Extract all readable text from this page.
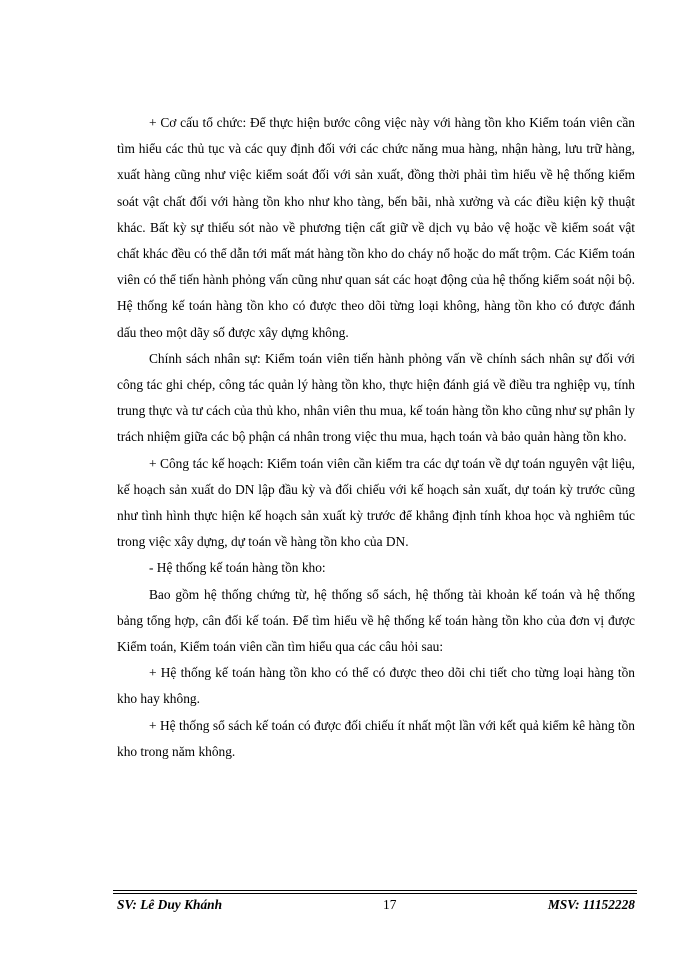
+ Cơ cấu tổ chức: Để thực hiện bước công việc này với hàng tồn kho Kiểm toán viên cần tìm hiểu các thủ tục và các quy định đối với các chức năng mua hàng, nhận hàng, lưu trữ hàng, xuất hàng cũng như việc kiểm soát đối với sản xuất, đồng thời phải tìm hiểu về hệ thống kiểm soát vật chất đối với hàng tồn kho như kho tàng, bến bãi, nhà xưởng và các điều kiện kỹ thuật khác. Bất kỳ sự thiếu sót nào về phương tiện cất giữ về dịch vụ bảo vệ hoặc về kiểm soát vật chất khác đều có thể dẫn tới mất mát hàng tồn kho do cháy nổ hoặc do mất trộm. Các Kiểm toán viên có thể tiến hành phỏng vấn cũng như quan sát các hoạt động của hệ thống kiểm soát nội bộ. Hệ thống kế toán hàng tồn kho có được theo dõi từng loại không, hàng tồn kho có được đánh dấu theo một dãy số được xây dựng không.

Chính sách nhân sự: Kiểm toán viên tiến hành phỏng vấn về chính sách nhân sự đối với công tác ghi chép, công tác quản lý hàng tồn kho, thực hiện đánh giá về điều tra nghiệp vụ, tính trung thực và tư cách của thủ kho, nhân viên thu mua, kế toán hàng tồn kho cũng như sự phân ly trách nhiệm giữa các bộ phận cá nhân trong việc thu mua, hạch toán và bảo quản hàng tồn kho.

+ Công tác kế hoạch: Kiểm toán viên cần kiểm tra các dự toán về dự toán nguyên vật liệu, kế hoạch sản xuất do DN lập đầu kỳ và đối chiếu với kế hoạch sản xuất, dự toán kỳ trước cũng như tình hình thực hiện kế hoạch sản xuất kỳ trước để khẳng định tính khoa học và nghiêm túc trong việc xây dựng, dự toán về hàng tồn kho của DN.

- Hệ thống kế toán hàng tồn kho:

Bao gồm hệ thống chứng từ, hệ thống sổ sách, hệ thống tài khoản kế toán và hệ thống bảng tổng hợp, cân đối kế toán. Để tìm hiểu về hệ thống kế toán hàng tồn kho của đơn vị được Kiểm toán, Kiểm toán viên cần tìm hiểu qua các câu hỏi sau:

+ Hệ thống kế toán hàng tồn kho có thể có được theo dõi chi tiết cho từng loại hàng tồn kho hay không.

+ Hệ thống sổ sách kế toán có được đối chiếu ít nhất một lần với kết quả kiểm kê hàng tồn kho trong năm không.

SV: Lê Duy Khánh	17	MSV: 11152228
